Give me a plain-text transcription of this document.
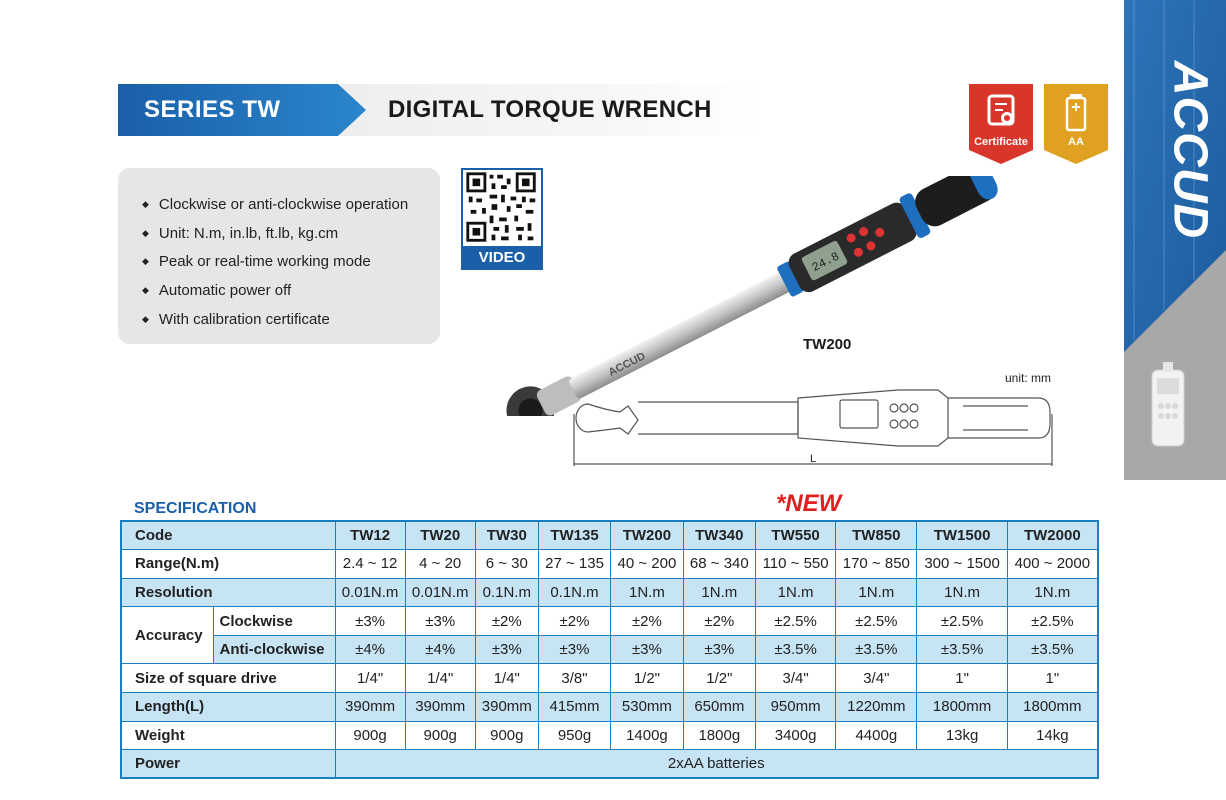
ACCUD
SERIES TW	DIGITAL TORQUE WRENCH
Certificate	AA
◆ Clockwise or anti-clockwise operation
◆ Unit: N.m, in.lb, ft.lb, kg.cm
◆ Peak or real-time working mode
◆ Automatic power off
◆ With calibration certificate
VIDEO
ACCUD
24.8
TW200
unit: mm
L
SPECIFICATION	*NEW
Code		TW12	TW20	TW30	TW135	TW200	TW340	TW550	TW850	TW1500	TW2000
Range(N.m)		2.4 ~ 12	4 ~ 20	6 ~ 30	27 ~ 135	40 ~ 200	68 ~ 340	110 ~ 550	170 ~ 850	300 ~ 1500	400 ~ 2000
Resolution		0.01N.m	0.01N.m	0.1N.m	0.1N.m	1N.m	1N.m	1N.m	1N.m	1N.m	1N.m
Accuracy	Clockwise	±3%	±3%	±2%	±2%	±2%	±2%	±2.5%	±2.5%	±2.5%	±2.5%
	Anti-clockwise	±4%	±4%	±3%	±3%	±3%	±3%	±3.5%	±3.5%	±3.5%	±3.5%
Size of square drive		1/4"	1/4"	1/4"	3/8"	1/2"	1/2"	3/4"	3/4"	1"	1"
Length(L)		390mm	390mm	390mm	415mm	530mm	650mm	950mm	1220mm	1800mm	1800mm
Weight		900g	900g	900g	950g	1400g	1800g	3400g	4400g	13kg	14kg
Power		2xAA batteries									
